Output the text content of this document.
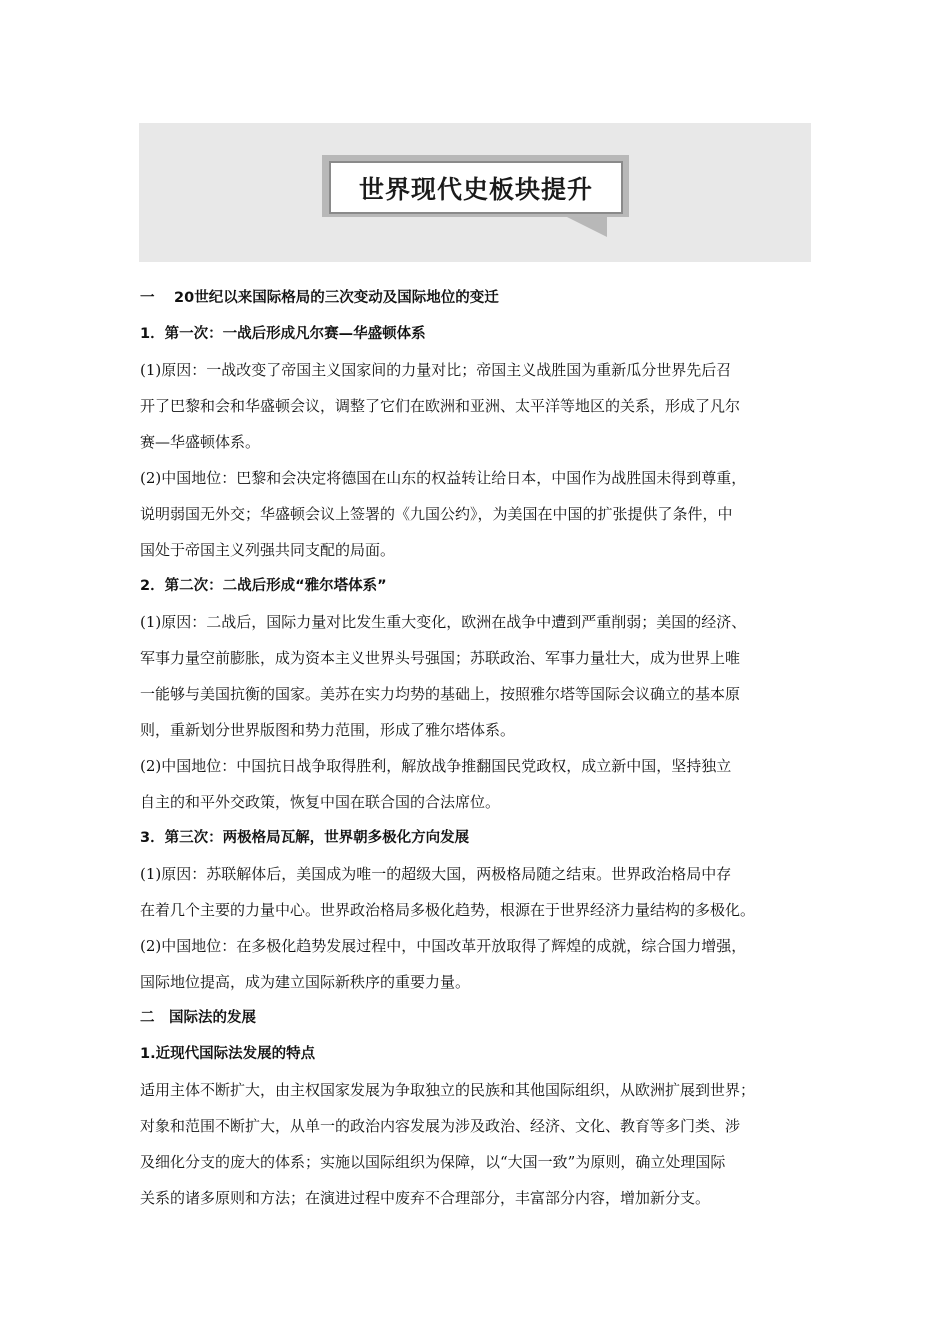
世界现代史板块提升
一　 20世纪以来国际格局的三次变动及国际地位的变迁
1．第一次：一战后形成凡尔赛—华盛顿体系
(1)原因：一战改变了帝国主义国家间的力量对比；帝国主义战胜国为重新瓜分世界先后召
开了巴黎和会和华盛顿会议，调整了它们在欧洲和亚洲、太平洋等地区的关系，形成了凡尔
赛—华盛顿体系。
(2)中国地位：巴黎和会决定将德国在山东的权益转让给日本，中国作为战胜国未得到尊重，
说明弱国无外交；华盛顿会议上签署的《九国公约》，为美国在中国的扩张提供了条件，中
国处于帝国主义列强共同支配的局面。
2．第二次：二战后形成“雅尔塔体系”
(1)原因：二战后，国际力量对比发生重大变化，欧洲在战争中遭到严重削弱；美国的经济、
军事力量空前膨胀，成为资本主义世界头号强国；苏联政治、军事力量壮大，成为世界上唯
一能够与美国抗衡的国家。美苏在实力均势的基础上，按照雅尔塔等国际会议确立的基本原
则，重新划分世界版图和势力范围，形成了雅尔塔体系。
(2)中国地位：中国抗日战争取得胜利，解放战争推翻国民党政权，成立新中国，坚持独立
自主的和平外交政策，恢复中国在联合国的合法席位。
3．第三次：两极格局瓦解，世界朝多极化方向发展
(1)原因：苏联解体后，美国成为唯一的超级大国，两极格局随之结束。世界政治格局中存
在着几个主要的力量中心。世界政治格局多极化趋势，根源在于世界经济力量结构的多极化。
(2)中国地位：在多极化趋势发展过程中，中国改革开放取得了辉煌的成就，综合国力增强，
国际地位提高，成为建立国际新秩序的重要力量。
二　国际法的发展
1.近现代国际法发展的特点
适用主体不断扩大，由主权国家发展为争取独立的民族和其他国际组织，从欧洲扩展到世界；
对象和范围不断扩大，从单一的政治内容发展为涉及政治、经济、文化、教育等多门类、涉
及细化分支的庞大的体系；实施以国际组织为保障，以“大国一致”为原则，确立处理国际
关系的诸多原则和方法；在演进过程中废弃不合理部分，丰富部分内容，增加新分支。
